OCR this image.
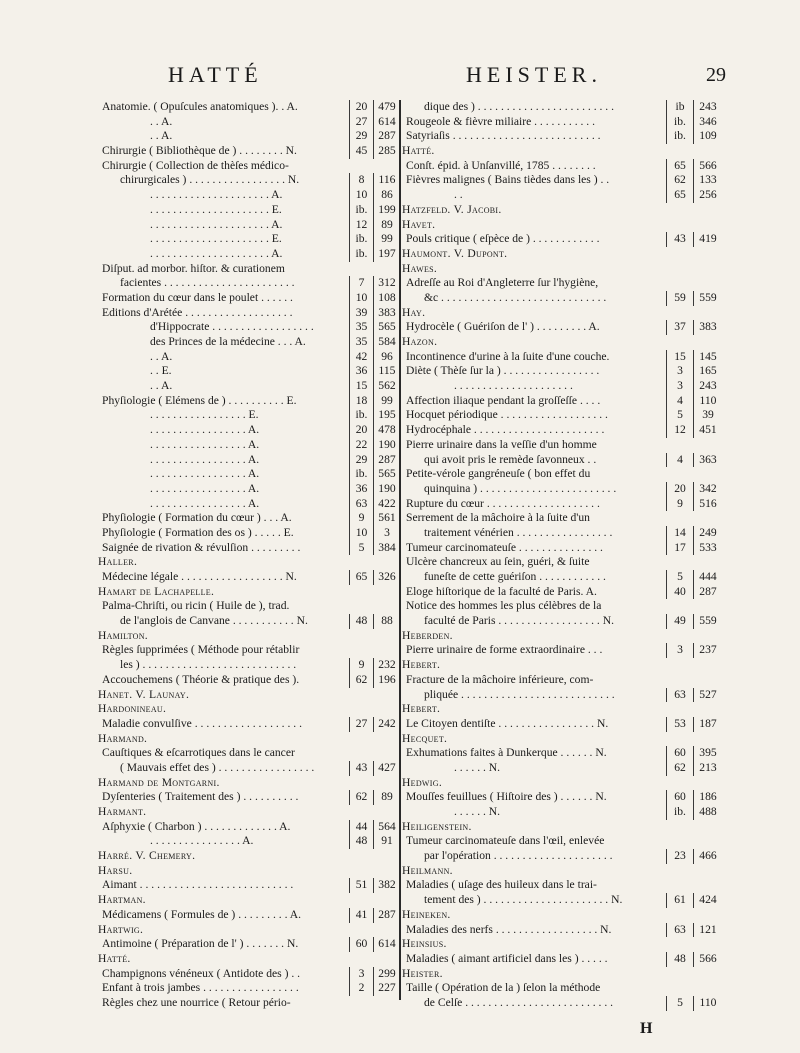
HATTÉ	HEISTER.	29
Anatomie. ( Opuſcules anatomiques ). . A.	20 479
. . A.	27 614
. . A.	29 287
Chirurgie ( Bibliothèque de ) . . . . . . . . N.	45 285
Chirurgie ( Collection de thèſes médico-
chirurgicales ) . . . . . . . . . . . . . . . . . N.	8	116
. . . . . . . . . . . . . . . . . . . . . A.	10	86
. . . . . . . . . . . . . . . . . . . . . E.	ib. 199
. . . . . . . . . . . . . . . . . . . . . A.	12	89
. . . . . . . . . . . . . . . . . . . . . E.	ib.	99
. . . . . . . . . . . . . . . . . . . . . A.	ib. 197
Diſput. ad morbor. hiſtor. & curationem
facientes . . . . . . . . . . . . . . . . . . . . . . .	7	312
Formation du cœur dans le poulet . . . . . .	10 108
Editions d'Arétée . . . . . . . . . . . . . . . . . . .	39 383
d'Hippocrate . . . . . . . . . . . . . . . . . .	35 565
des Princes de la médecine . . . A.	35 584
. . A.	42	96
. . E.	36 115
. . A.	15 562
Phyſiologie ( Elémens de ) . . . . . . . . . . E.	18	99
. . . . . . . . . . . . . . . . . E.	ib. 195
. . . . . . . . . . . . . . . . . A.	20 478
. . . . . . . . . . . . . . . . . A.	22 190
. . . . . . . . . . . . . . . . . A.	29 287
. . . . . . . . . . . . . . . . . A.	ib. 565
. . . . . . . . . . . . . . . . . A.	36 190
. . . . . . . . . . . . . . . . . A.	63 422
Phyſiologie ( Formation du cœur ) . . . A.	9	561
Phyſiologie ( Formation des os ) . . . . . E.	10	3
Saignée de rivation & révulſion . . . . . . . . .	5	384
Haller.
Médecine légale . . . . . . . . . . . . . . . . . . N.	65 326
Hamart de Lachapelle.
Palma-Chriſti, ou ricin ( Huile de ), trad.
de l'anglois de Canvane . . . . . . . . . . . N.	48	88
Hamilton.
Règles ſupprimées ( Méthode pour rétablir
les ) . . . . . . . . . . . . . . . . . . . . . . . . . . .	9	232
Accouchemens ( Théorie & pratique des ).	62 196
Hanet. V. Launay.
Hardonineau.
Maladie convulſive . . . . . . . . . . . . . . . . . . .	27 242
Harmand.
Cauſtiques & eſcarrotiques dans le cancer
( Mauvais effet des ) . . . . . . . . . . . . . . . . .	43 427
Harmand de Montgarni.
Dyſenteries ( Traitement des ) . . . . . . . . . .	62	89
Harmant.
Aſphyxie ( Charbon ) . . . . . . . . . . . . . A.	44 564
. . . . . . . . . . . . . . . . A.	48	91
Harré. V. Chemery.
Harsu.
Aimant . . . . . . . . . . . . . . . . . . . . . . . . . . .	51 382
Hartman.
Médicamens ( Formules de ) . . . . . . . . . A.	41 287
Hartwig.
Antimoine ( Préparation de l' ) . . . . . . . N.	60 614
Hatté.
Champignons vénéneux ( Antidote des ) . .	3	299
Enfant à trois jambes . . . . . . . . . . . . . . . . .	2	227
Règles chez une nourrice ( Retour pério-
dique des ) . . . . . . . . . . . . . . . . . . . . . . . .	ib	243
Rougeole & fièvre miliaire . . . . . . . . . . .	ib.	346
Satyriaſis . . . . . . . . . . . . . . . . . . . . . . . . . .	ib.	109
Hatté.
Conſt. épid. à Unſanvillé, 1785 . . . . . . . .	65	566
Fièvres malignes ( Bains tièdes dans les ) . .	62	133
. .	65	256
Hatzfeld. V. Jacobi.
Havet.
Pouls critique ( eſpèce de ) . . . . . . . . . . . .	43	419
Haumont. V. Dupont.
Hawes.
Adreſſe au Roi d'Angleterre ſur l'hygiène,
&c . . . . . . . . . . . . . . . . . . . . . . . . . . . . .	59	559
Hay.
Hydrocèle ( Guériſon de l' ) . . . . . . . . . A.	37	383
Hazon.
Incontinence d'urine à la ſuite d'une couche.	15	145
Diète ( Thèſe ſur la ) . . . . . . . . . . . . . . . . .	3	165
. . . . . . . . . . . . . . . . . . . . .	3	243
Affection iliaque pendant la groſſeſſe . . . .	4	110
Hocquet périodique . . . . . . . . . . . . . . . . . . .	5	39
Hydrocéphale . . . . . . . . . . . . . . . . . . . . . . .	12	451
Pierre urinaire dans la veſſie d'un homme
qui avoit pris le remède ſavonneux . .	4	363
Petite-vérole gangréneuſe ( bon effet du
quinquina ) . . . . . . . . . . . . . . . . . . . . . . . .	20	342
Rupture du cœur . . . . . . . . . . . . . . . . . . . .	9	516
Serrement de la mâchoire à la ſuite d'un
traitement vénérien . . . . . . . . . . . . . . . . .	14	249
Tumeur carcinomateuſe . . . . . . . . . . . . . . .	17	533
Ulcère chancreux au ſein, guéri, & ſuite
funeſte de cette guériſon . . . . . . . . . . . .	5	444
Eloge hiſtorique de la faculté de Paris. A.	40	287
Notice des hommes les plus célèbres de la
faculté de Paris . . . . . . . . . . . . . . . . . . N.	49	559
Heberden.
Pierre urinaire de forme extraordinaire . . .	3	237
Hebert.
Fracture de la mâchoire inférieure, com-
pliquée . . . . . . . . . . . . . . . . . . . . . . . . . . .	63	527
Hebert.
Le Citoyen dentiſte . . . . . . . . . . . . . . . . . N.	53	187
Hecquet.
Exhumations faites à Dunkerque . . . . . . N.	60	395
. . . . . . N.	62	213
Hedwig.
Mouſſes feuillues ( Hiſtoire des ) . . . . . . N.	60	186
. . . . . . N.	ib.	488
Heiligenstein.
Tumeur carcinomateuſe dans l'œil, enlevée
par l'opération . . . . . . . . . . . . . . . . . . . . .	23	466
Heilmann.
Maladies ( uſage des huileux dans le trai-
tement des ) . . . . . . . . . . . . . . . . . . . . . . N.	61	424
Heineken.
Maladies des nerfs . . . . . . . . . . . . . . . . . . N.	63	121
Heinsius.
Maladies ( aimant artificiel dans les ) . . . . .	48	566
Heister.
Taille ( Opération de la ) ſelon la méthode
de Celſe . . . . . . . . . . . . . . . . . . . . . . . . . .	5	110
H
